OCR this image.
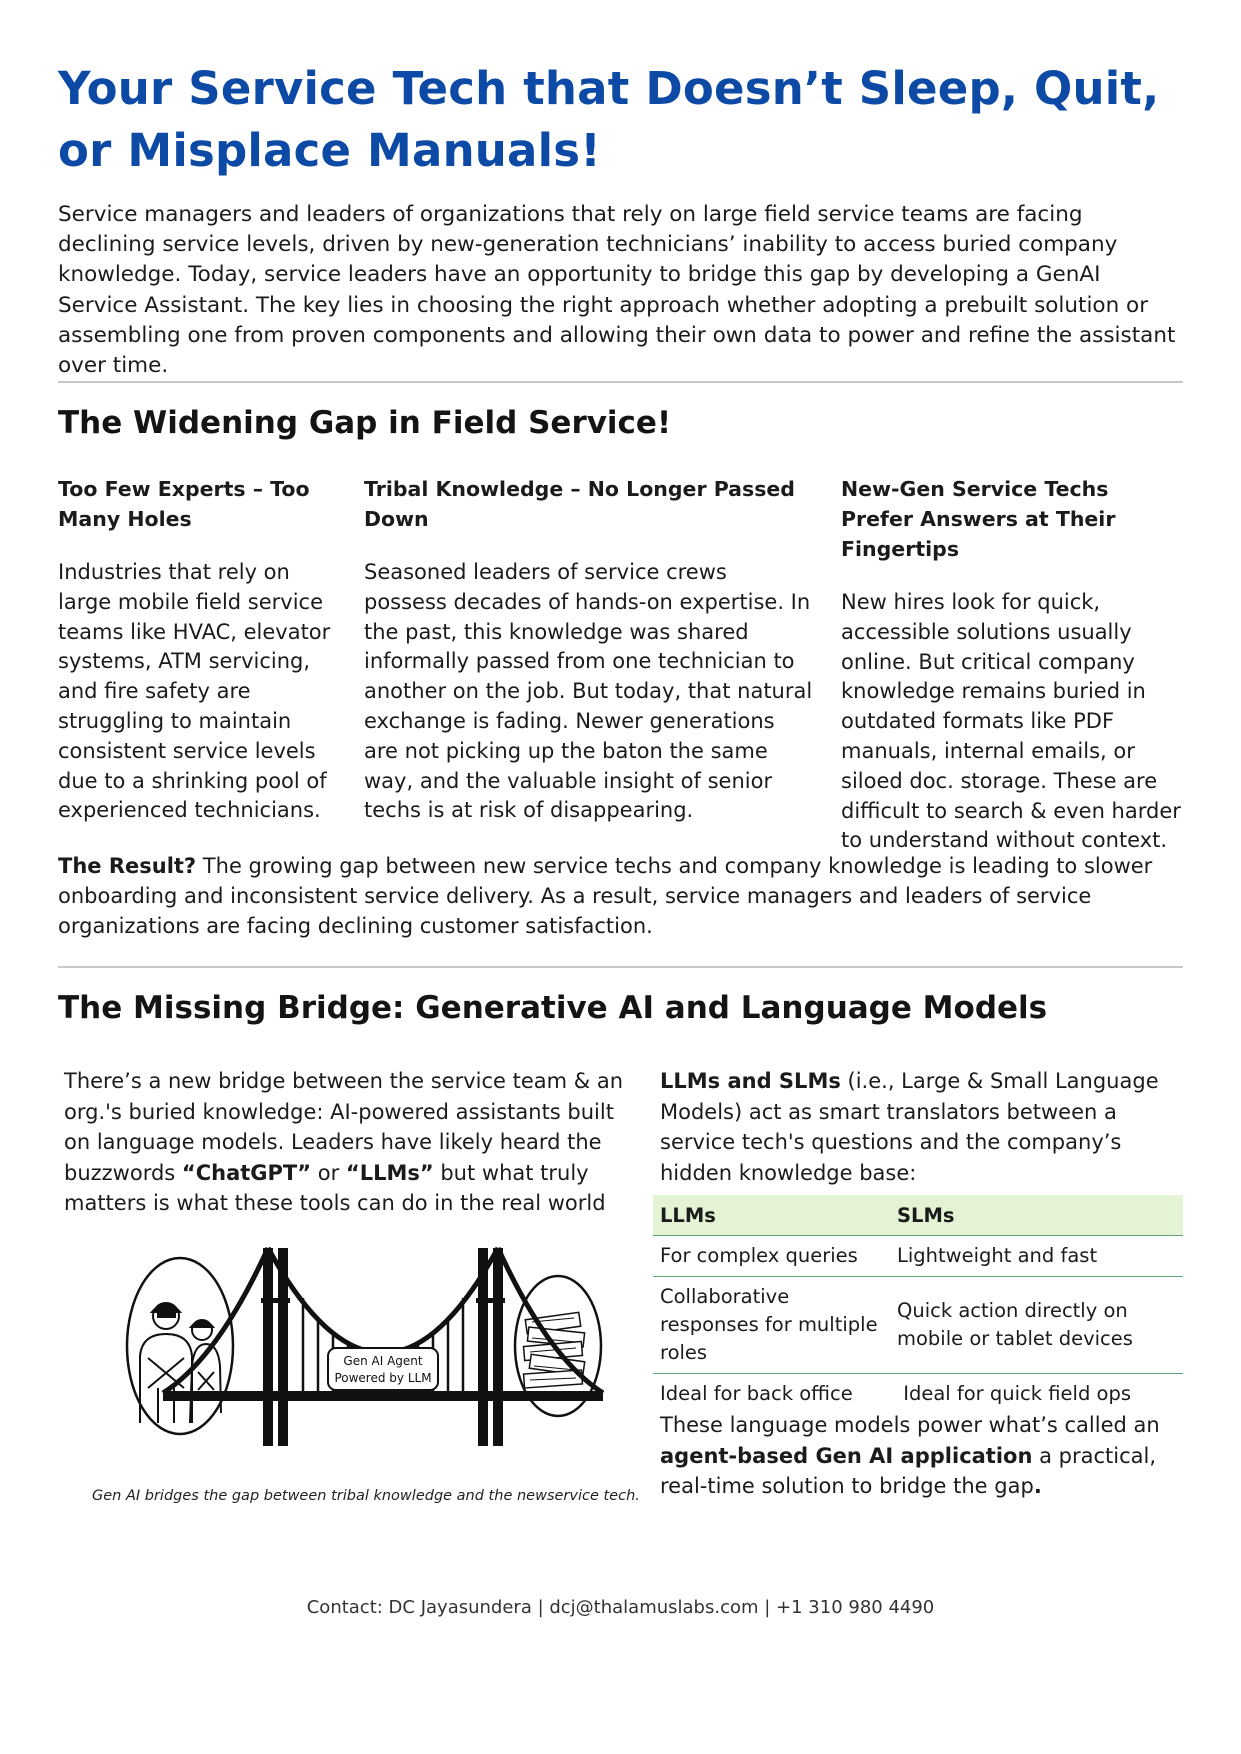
Your Service Tech that Doesn’t Sleep, Quit, or Misplace Manuals!

Service managers and leaders of organizations that rely on large field service teams are facing declining service levels, driven by new-generation technicians’ inability to access buried company knowledge. Today, service leaders have an opportunity to bridge this gap by developing a GenAI Service Assistant. The key lies in choosing the right approach whether adopting a prebuilt solution or assembling one from proven components and allowing their own data to power and refine the assistant over time.

The Widening Gap in Field Service!
Too Few Experts – Too Many Holes

Industries that rely on large mobile field service teams like HVAC, elevator systems, ATM servicing, and fire safety are struggling to maintain consistent service levels due to a shrinking pool of experienced technicians.

Tribal Knowledge – No Longer Passed Down

Seasoned leaders of service crews possess decades of hands-on expertise. In the past, this knowledge was shared informally passed from one technician to another on the job. But today, that natural exchange is fading. Newer generations are not picking up the baton the same way, and the valuable insight of senior techs is at risk of disappearing.

New-Gen Service Techs Prefer Answers at Their Fingertips

New hires look for quick, accessible solutions usually online. But critical company knowledge remains buried in outdated formats like PDF manuals, internal emails, or siloed doc. storage. These are difficult to search & even harder to understand without context.

The Result? The growing gap between new service techs and company knowledge is leading to slower onboarding and inconsistent service delivery. As a result, service managers and leaders of service organizations are facing declining customer satisfaction.

The Missing Bridge: Generative AI and Language Models

There’s a new bridge between the service team & an org.'s buried knowledge: AI-powered assistants built on language models. Leaders have likely heard the buzzwords “ChatGPT” or “LLMs” but what truly matters is what these tools can do in the real world

Gen AI Agent
Powered by LLM

Gen AI bridges the gap between tribal knowledge and the newservice tech.

LLMs and SLMs (i.e., Large & Small Language Models) act as smart translators between a service tech's questions and the company’s hidden knowledge base:

LLMs	SLMs
For complex queries	Lightweight and fast
Collaborative responses for multiple roles	Quick action directly on mobile or tablet devices
Ideal for back office	Ideal for quick field ops

These language models power what’s called an agent-based Gen AI application a practical, real-time solution to bridge the gap.

Contact: DC Jayasundera | dcj@thalamuslabs.com | +1 310 980 4490
